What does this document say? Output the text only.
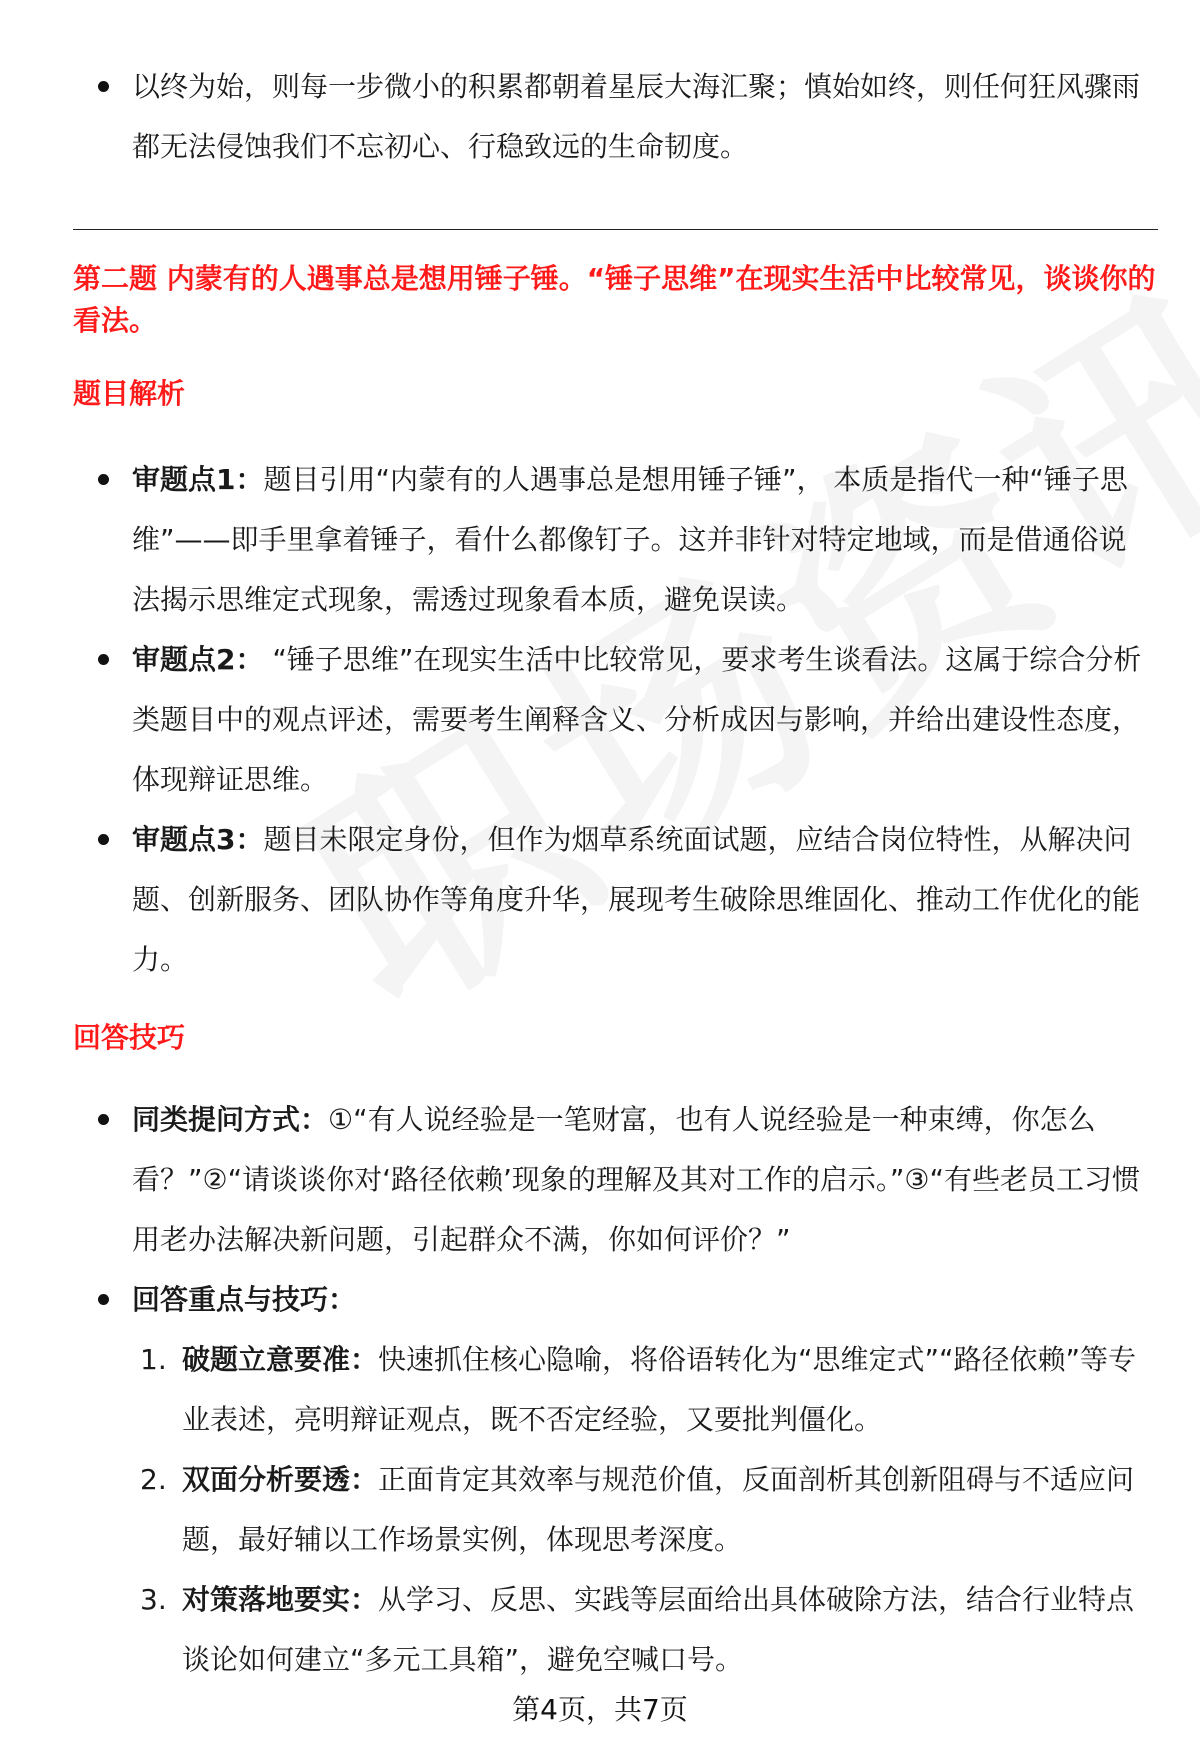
以终为始，则每一步微小的积累都朝着星辰大海汇聚；慎始如终，则任何狂风骤雨都无法侵蚀我们不忘初心、行稳致远的生命韧度。

第二题 内蒙有的人遇事总是想用锤子锤。“锤子思维”在现实生活中比较常见，谈谈你的看法。

题目解析

审题点1：题目引用“内蒙有的人遇事总是想用锤子锤”， 本质是指代一种“锤子思维”——即手里拿着锤子，看什么都像钉子。这并非针对特定地域，而是借通俗说法揭示思维定式现象，需透过现象看本质，避免误读。

审题点2： “锤子思维”在现实生活中比较常见，要求考生谈看法。这属于综合分析类题目中的观点评述，需要考生阐释含义、分析成因与影响，并给出建设性态度，体现辩证思维。

审题点3：题目未限定身份，但作为烟草系统面试题，应结合岗位特性，从解决问题、创新服务、团队协作等角度升华，展现考生破除思维固化、推动工作优化的能力。

回答技巧

同类提问方式：①“有人说经验是一笔财富，也有人说经验是一种束缚，你怎么看？”②“请谈谈你对‘路径依赖’现象的理解及其对工作的启示。”③“有些老员工习惯用老办法解决新问题，引起群众不满，你如何评价？”

回答重点与技巧：

1. 破题立意要准：快速抓住核心隐喻，将俗语转化为“思维定式”“路径依赖”等专业表述，亮明辩证观点，既不否定经验，又要批判僵化。

2. 双面分析要透：正面肯定其效率与规范价值，反面剖析其创新阻碍与不适应问题，最好辅以工作场景实例，体现思考深度。

3. 对策落地要实：从学习、反思、实践等层面给出具体破除方法，结合行业特点谈论如何建立“多元工具箱”，避免空喊口号。

第4页，共7页
